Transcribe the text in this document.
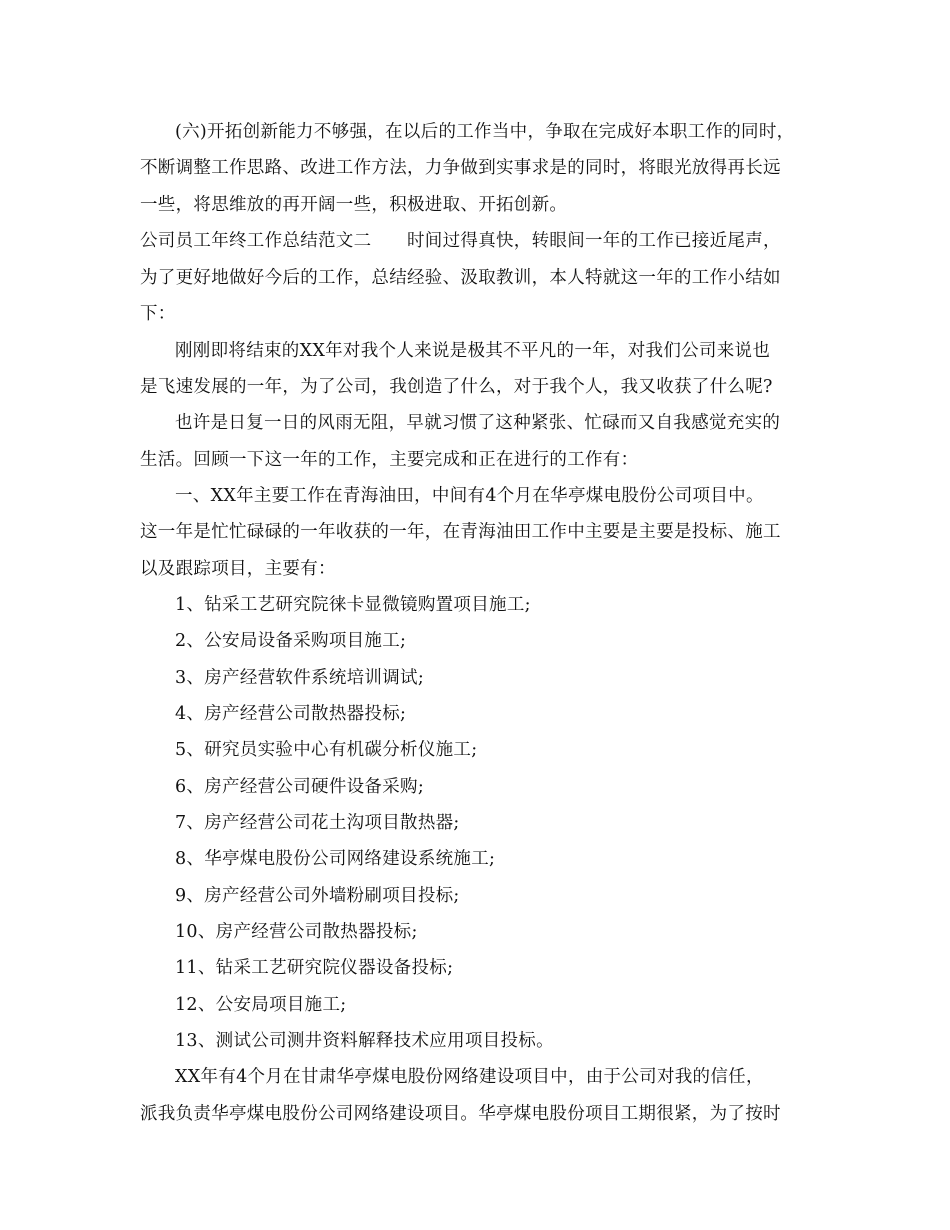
(六)开拓创新能力不够强，在以后的工作当中，争取在完成好本职工作的同时，
不断调整工作思路、改进工作方法，力争做到实事求是的同时，将眼光放得再长远
一些，将思维放的再开阔一些，积极进取、开拓创新。
公司员工年终工作总结范文二　　时间过得真快，转眼间一年的工作已接近尾声，
为了更好地做好今后的工作，总结经验、汲取教训，本人特就这一年的工作小结如
下：
刚刚即将结束的XX年对我个人来说是极其不平凡的一年，对我们公司来说也
是飞速发展的一年，为了公司，我创造了什么，对于我个人，我又收获了什么呢?
也许是日复一日的风雨无阻，早就习惯了这种紧张、忙碌而又自我感觉充实的
生活。回顾一下这一年的工作，主要完成和正在进行的工作有：
一、XX年主要工作在青海油田，中间有4个月在华亭煤电股份公司项目中。
这一年是忙忙碌碌的一年收获的一年，在青海油田工作中主要是主要是投标、施工
以及跟踪项目，主要有：
1、钻采工艺研究院徕卡显微镜购置项目施工;
2、公安局设备采购项目施工;
3、房产经营软件系统培训调试;
4、房产经营公司散热器投标;
5、研究员实验中心有机碳分析仪施工;
6、房产经营公司硬件设备采购;
7、房产经营公司花土沟项目散热器;
8、华亭煤电股份公司网络建设系统施工;
9、房产经营公司外墙粉刷项目投标;
10、房产经营公司散热器投标;
11、钻采工艺研究院仪器设备投标;
12、公安局项目施工;
13、测试公司测井资料解释技术应用项目投标。
XX年有4个月在甘肃华亭煤电股份网络建设项目中，由于公司对我的信任，
派我负责华亭煤电股份公司网络建设项目。华亭煤电股份项目工期很紧，为了按时
